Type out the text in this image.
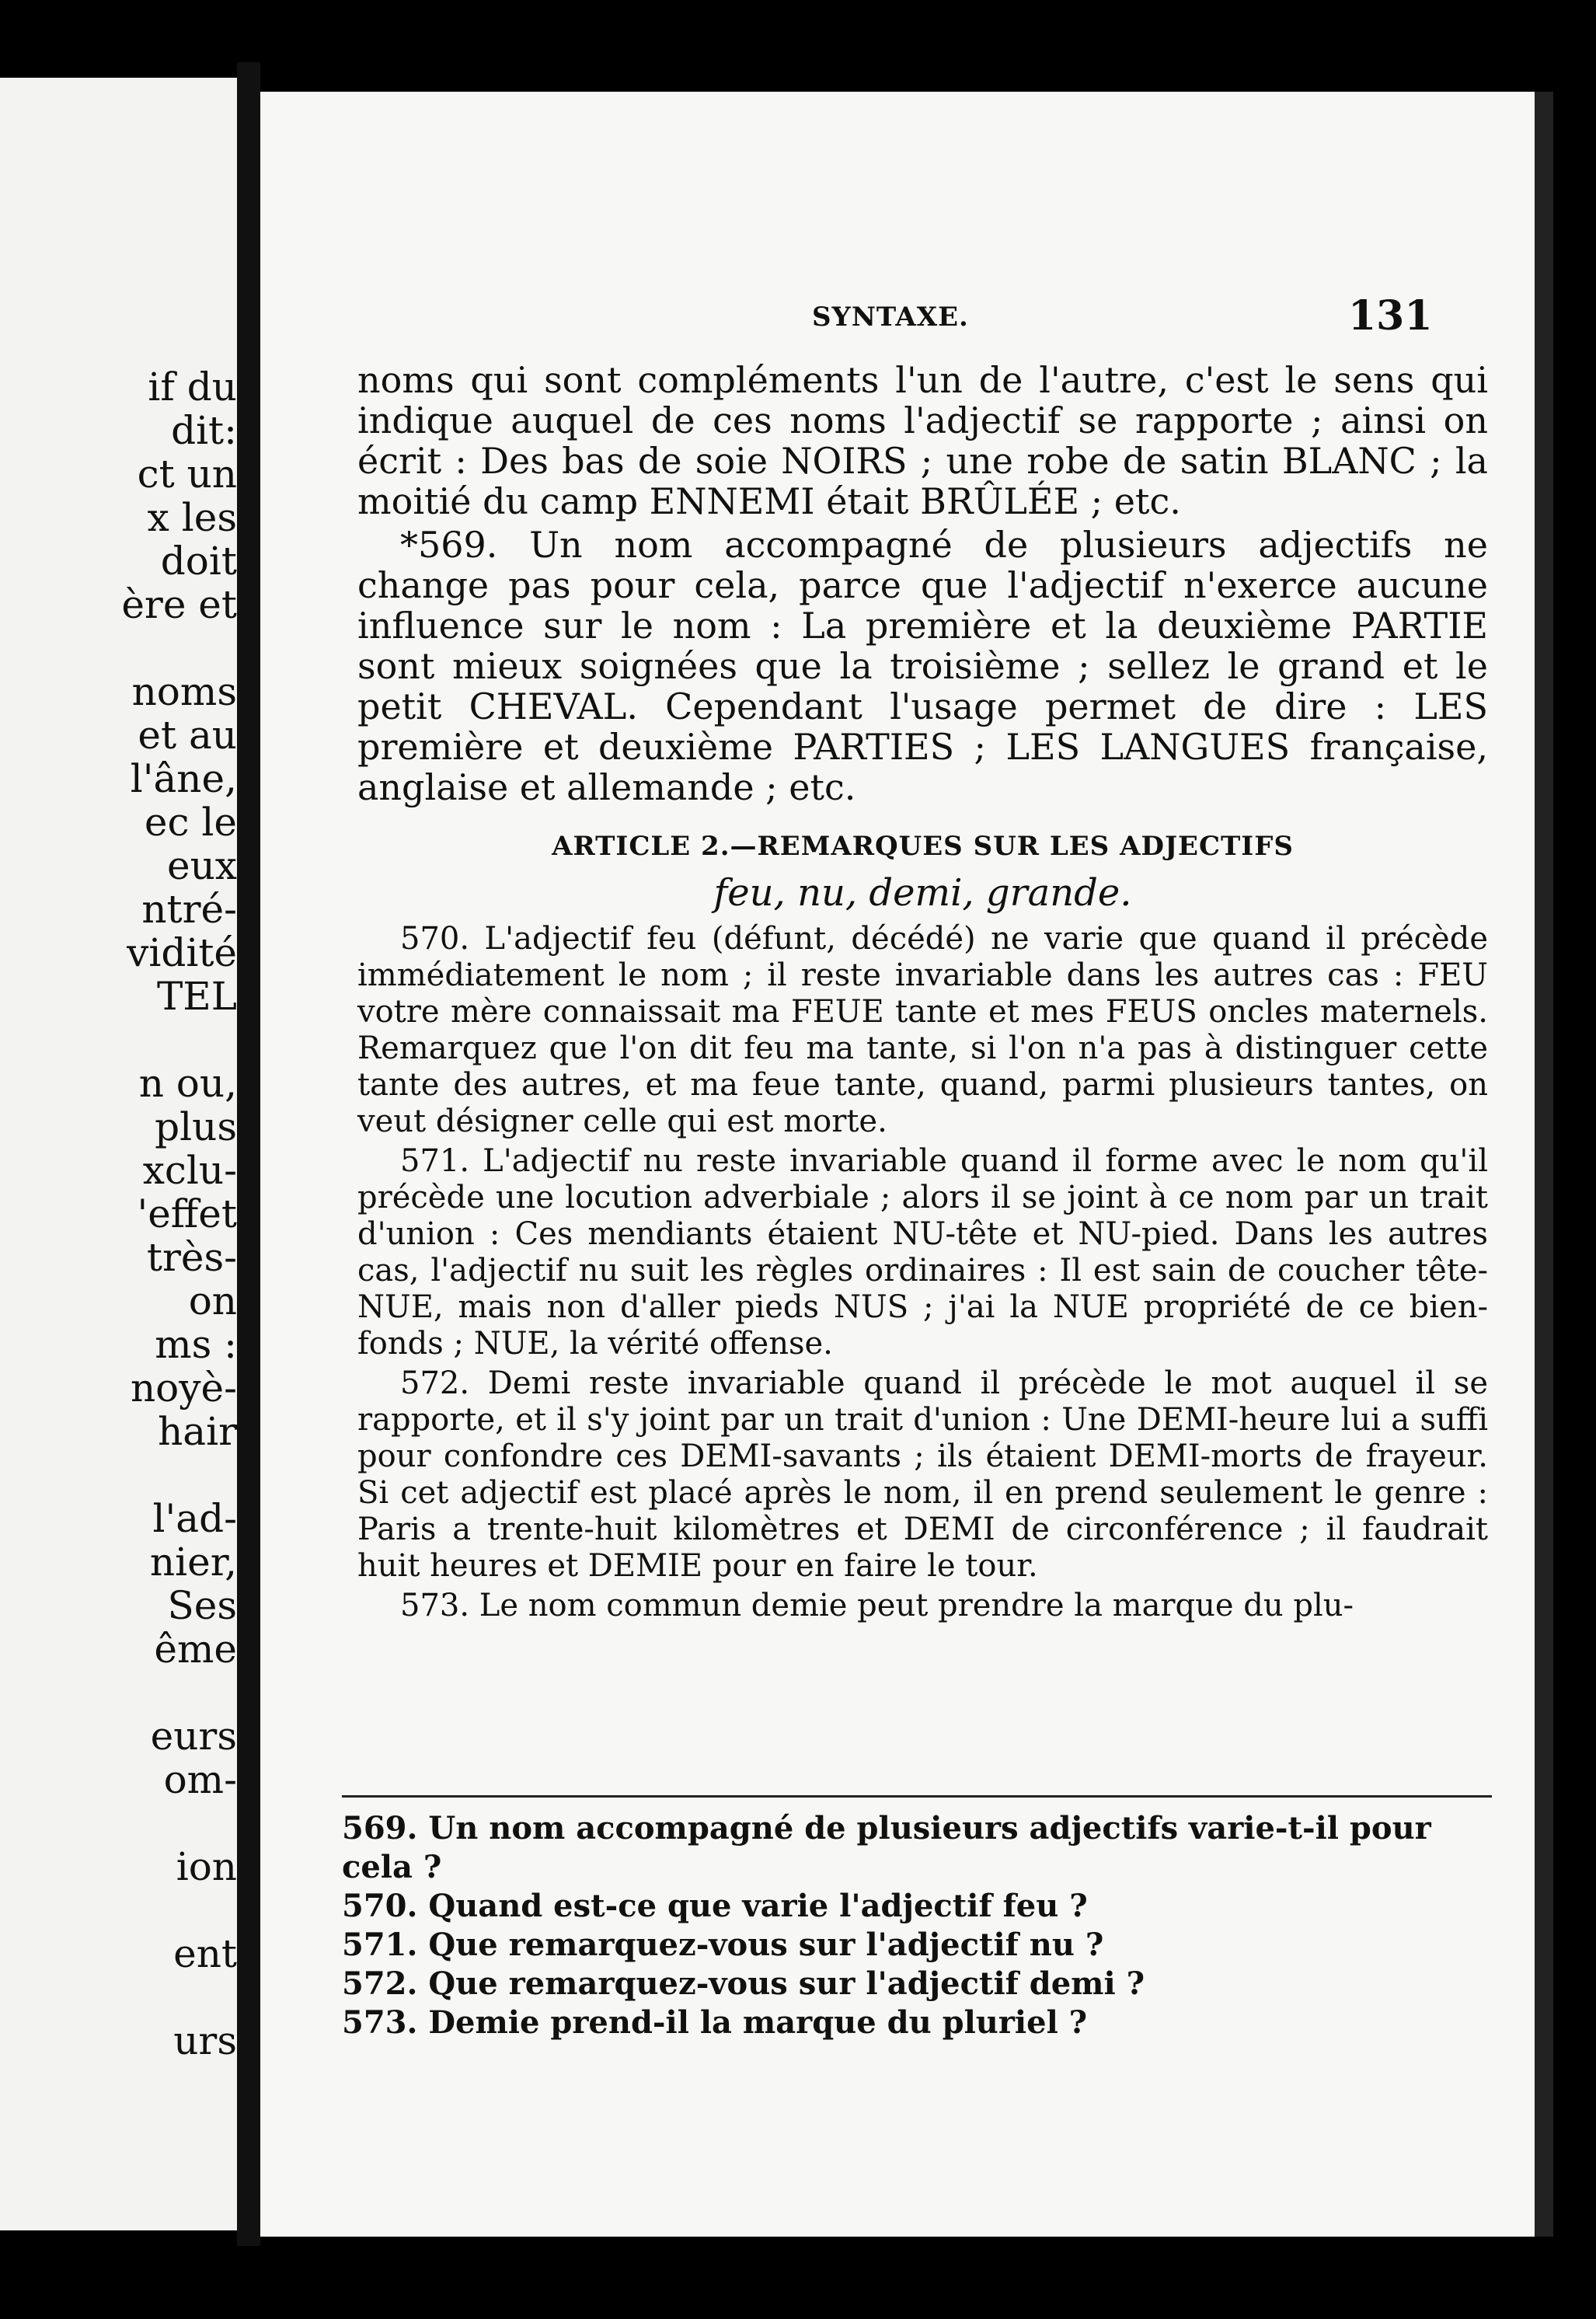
if du
dit:
ct un
x les
doit
ère et

noms
et au
l'âne,
ec le
eux
ntré-
vidité
TEL

n ou,
plus
xclu-
'effet
très-
on
ms :
noyè-
hair

l'ad-
nier,
Ses
ême

eurs
om-

ion

ent

urs
SYNTAXE.	131

noms qui sont compléments l'un de l'autre, c'est le sens qui indique auquel de ces noms l'adjectif se rapporte ; ainsi on écrit : Des bas de soie NOIRS ; une robe de satin BLANC ; la moitié du camp ENNEMI était BRÛLÉE ; etc.

*569. Un nom accompagné de plusieurs adjectifs ne change pas pour cela, parce que l'adjectif n'exerce aucune influence sur le nom : La première et la deuxième PARTIE sont mieux soignées que la troisième ; sellez le grand et le petit CHEVAL. Cependant l'usage permet de dire : LES première et deuxième PARTIES ; LES LANGUES française, anglaise et allemande ; etc.

ARTICLE 2.—REMARQUES SUR LES ADJECTIFS
feu, nu, demi, grande.

570. L'adjectif feu (défunt, décédé) ne varie que quand il précède immédiatement le nom ; il reste invariable dans les autres cas : FEU votre mère connaissait ma FEUE tante et mes FEUS oncles maternels. Remarquez que l'on dit feu ma tante, si l'on n'a pas à distinguer cette tante des autres, et ma feue tante, quand, parmi plusieurs tantes, on veut désigner celle qui est morte.

571. L'adjectif nu reste invariable quand il forme avec le nom qu'il précède une locution adverbiale ; alors il se joint à ce nom par un trait d'union : Ces mendiants étaient NU-tête et NU-pied. Dans les autres cas, l'adjectif nu suit les règles ordinaires : Il est sain de coucher tête-NUE, mais non d'aller pieds NUS ; j'ai la NUE propriété de ce bien-fonds ; NUE, la vérité offense.

572. Demi reste invariable quand il précède le mot auquel il se rapporte, et il s'y joint par un trait d'union : Une DEMI-heure lui a suffi pour confondre ces DEMI-savants ; ils étaient DEMI-morts de frayeur. Si cet adjectif est placé après le nom, il en prend seulement le genre : Paris a trente-huit kilomètres et DEMI de circonférence ; il faudrait huit heures et DEMIE pour en faire le tour.

573. Le nom commun demie peut prendre la marque du plu-

569. Un nom accompagné de plusieurs adjectifs varie-t-il pour cela ?

570. Quand est-ce que varie l'adjectif feu ?

571. Que remarquez-vous sur l'adjectif nu ?

572. Que remarquez-vous sur l'adjectif demi ?

573. Demie prend-il la marque du pluriel ?
